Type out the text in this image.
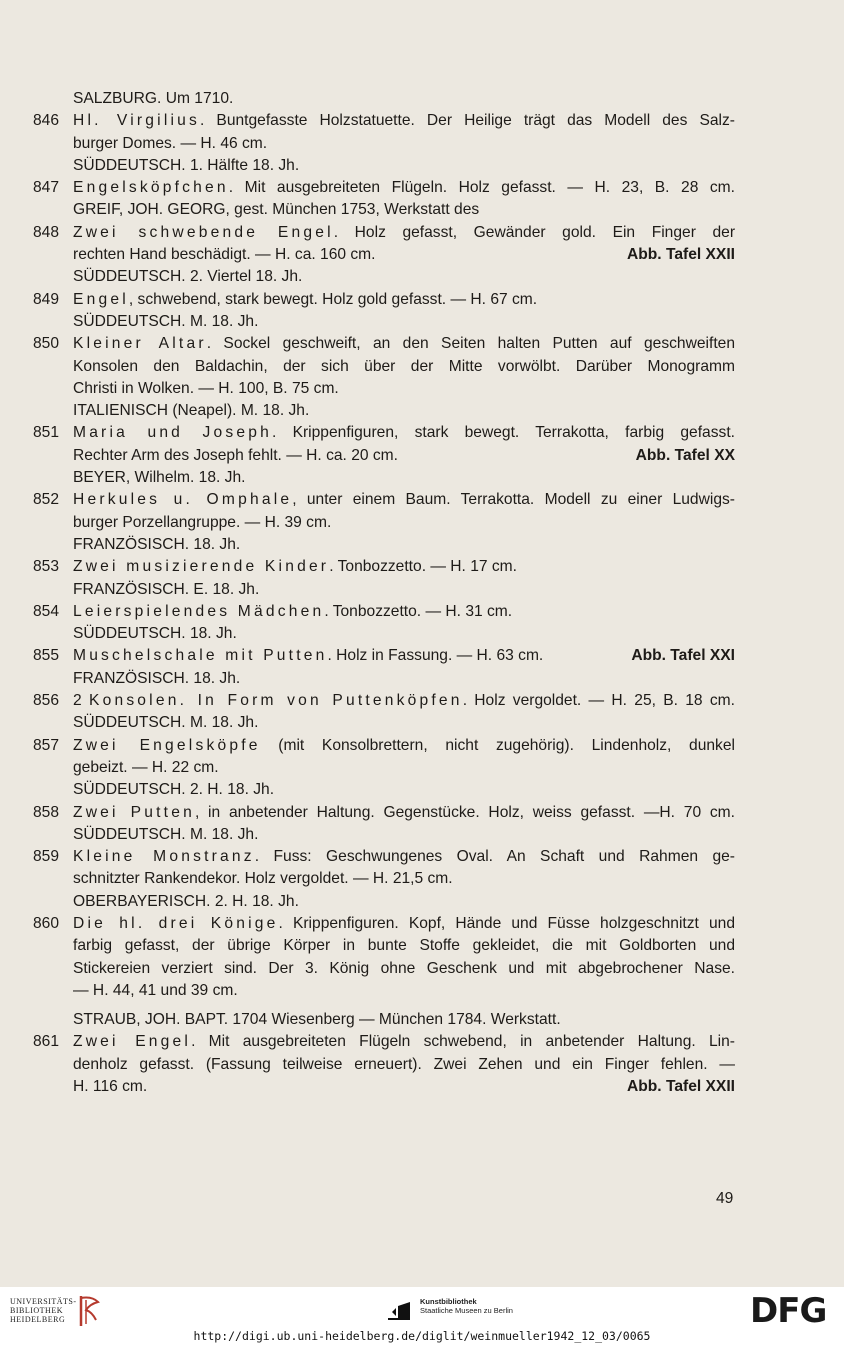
SALZBURG. Um 1710.
846 Hl. Virgilius. Buntgefasste Holzstatuette. Der Heilige trägt das Modell des Salz-
burger Domes. — H. 46 cm.
SÜDDEUTSCH. 1. Hälfte 18. Jh.
847 Engelsköpfchen. Mit ausgebreiteten Flügeln. Holz gefasst. — H. 23, B. 28 cm.
GREIF, JOH. GEORG, gest. München 1753, Werkstatt des
848 Zwei schwebende Engel. Holz gefasst, Gewänder gold. Ein Finger der
rechten Hand beschädigt. — H. ca. 160 cm.	Abb. Tafel XXII
SÜDDEUTSCH. 2. Viertel 18. Jh.
849 Engel, schwebend, stark bewegt. Holz gold gefasst. — H. 67 cm.
SÜDDEUTSCH. M. 18. Jh.
850 Kleiner Altar. Sockel geschweift, an den Seiten halten Putten auf geschweiften
Konsolen den Baldachin, der sich über der Mitte vorwölbt. Darüber Monogramm
Christi in Wolken. — H. 100, B. 75 cm.
ITALIENISCH (Neapel). M. 18. Jh.
851 Maria und Joseph. Krippenfiguren, stark bewegt. Terrakotta, farbig gefasst.
Rechter Arm des Joseph fehlt. — H. ca. 20 cm.	Abb. Tafel XX
BEYER, Wilhelm. 18. Jh.
852 Herkules u. Omphale, unter einem Baum. Terrakotta. Modell zu einer Ludwigs-
burger Porzellangruppe. — H. 39 cm.
FRANZÖSISCH. 18. Jh.
853 Zwei musizierende Kinder. Tonbozzetto. — H. 17 cm.
FRANZÖSISCH. E. 18. Jh.
854 Leierspielendes Mädchen. Tonbozzetto. — H. 31 cm.
SÜDDEUTSCH. 18. Jh.
855 Muschelschale mit Putten. Holz in Fassung. — H. 63 cm.	Abb. Tafel XXI
FRANZÖSISCH. 18. Jh.
856 2 Konsolen. In Form von Puttenköpfen. Holz vergoldet. — H. 25, B. 18 cm.
SÜDDEUTSCH. M. 18. Jh.
857 Zwei Engelsköpfe (mit Konsolbrettern, nicht zugehörig). Lindenholz, dunkel
gebeizt. — H. 22 cm.
SÜDDEUTSCH. 2. H. 18. Jh.
858 Zwei Putten, in anbetender Haltung. Gegenstücke. Holz, weiss gefasst. —H. 70 cm.
SÜDDEUTSCH. M. 18. Jh.
859 Kleine Monstranz. Fuss: Geschwungenes Oval. An Schaft und Rahmen ge-
schnitzter Rankendekor. Holz vergoldet. — H. 21,5 cm.
OBERBAYERISCH. 2. H. 18. Jh.
860 Die hl. drei Könige. Krippenfiguren. Kopf, Hände und Füsse holzgeschnitzt und
farbig gefasst, der übrige Körper in bunte Stoffe gekleidet, die mit Goldborten und
Stickereien verziert sind. Der 3. König ohne Geschenk und mit abgebrochener Nase.
— H. 44, 41 und 39 cm.
STRAUB, JOH. BAPT. 1704 Wiesenberg — München 1784. Werkstatt.
861 Zwei Engel. Mit ausgebreiteten Flügeln schwebend, in anbetender Haltung. Lin-
denholz gefasst. (Fassung teilweise erneuert). Zwei Zehen und ein Finger fehlen. —
H. 116 cm.	Abb. Tafel XXII
49
UNIVERSITÄTS-
BIBLIOTHEK
HEIDELBERG
Kunstbibliothek
Staatliche Museen zu Berlin	DFG
http://digi.ub.uni-heidelberg.de/diglit/weinmueller1942_12_03/0065
